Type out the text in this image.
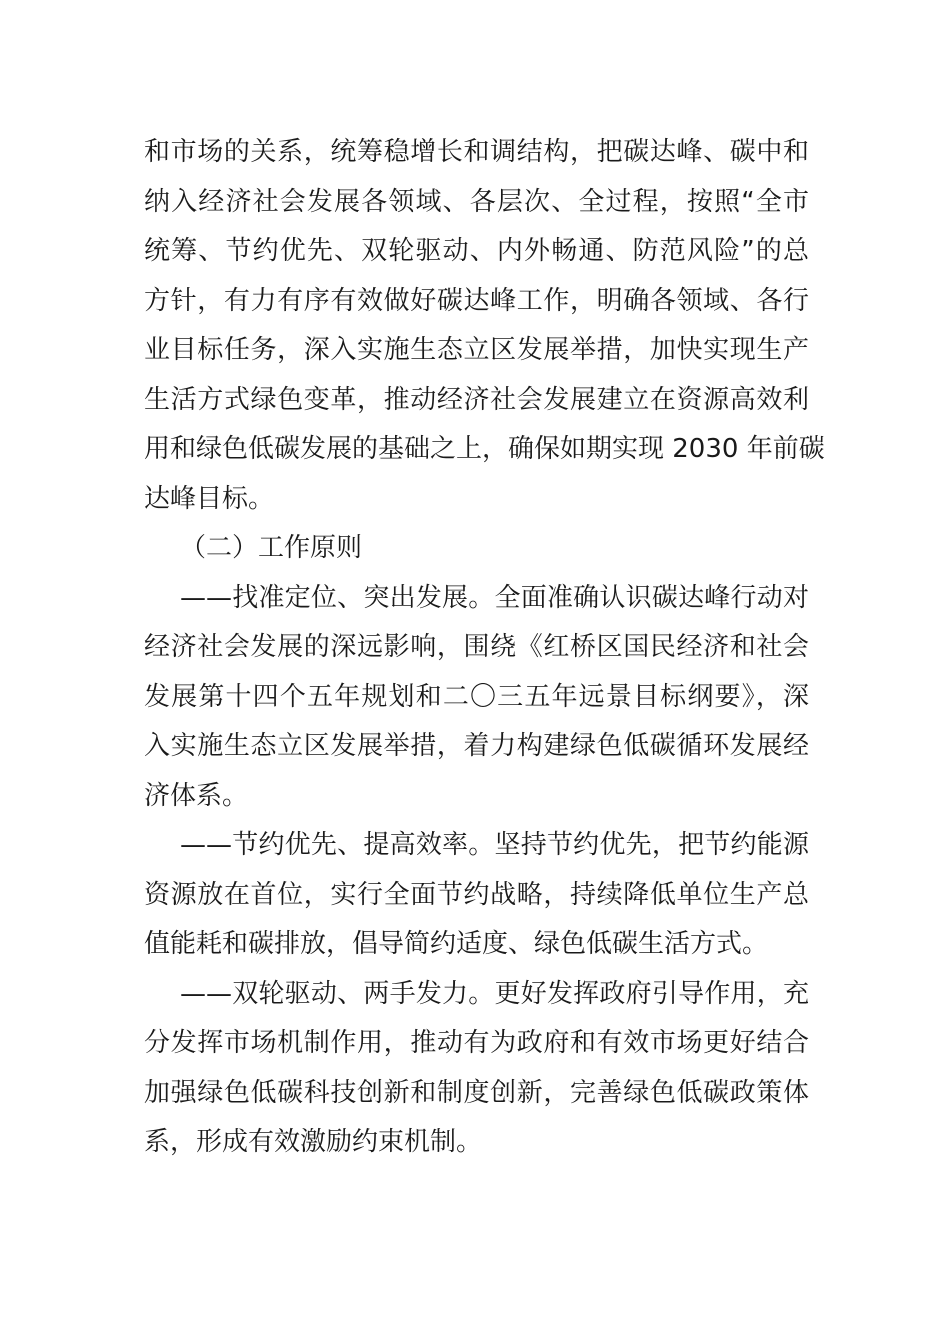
和市场的关系，统筹稳增长和调结构，把碳达峰、碳中和
纳入经济社会发展各领域、各层次、全过程，按照“全市
统筹、节约优先、双轮驱动、内外畅通、防范风险”的总
方针，有力有序有效做好碳达峰工作，明确各领域、各行
业目标任务，深入实施生态立区发展举措，加快实现生产
生活方式绿色变革，推动经济社会发展建立在资源高效利
用和绿色低碳发展的基础之上，确保如期实现 2030 年前碳
达峰目标。
（二）工作原则
——找准定位、突出发展。全面准确认识碳达峰行动对
经济社会发展的深远影响，围绕《红桥区国民经济和社会
发展第十四个五年规划和二〇三五年远景目标纲要》，深
入实施生态立区发展举措，着力构建绿色低碳循环发展经
济体系。
——节约优先、提高效率。坚持节约优先，把节约能源
资源放在首位，实行全面节约战略，持续降低单位生产总
值能耗和碳排放，倡导简约适度、绿色低碳生活方式。
——双轮驱动、两手发力。更好发挥政府引导作用，充
分发挥市场机制作用，推动有为政府和有效市场更好结合
加强绿色低碳科技创新和制度创新，完善绿色低碳政策体
系，形成有效激励约束机制。
